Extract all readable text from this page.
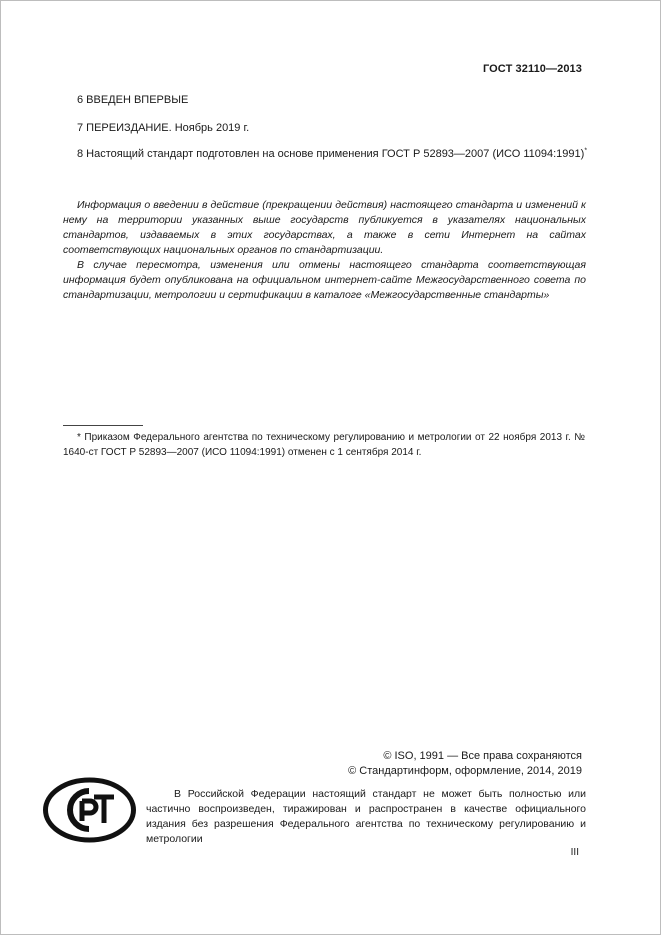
ГОСТ 32110—2013
6 ВВЕДЕН ВПЕРВЫЕ
7 ПЕРЕИЗДАНИЕ. Ноябрь 2019 г.
8 Настоящий стандарт подготовлен на основе применения ГОСТ Р 52893—2007 (ИСО 11094:1991)*

Информация о введении в действие (прекращении действия) настоящего стандарта и изменений к нему на территории указанных выше государств публикуется в указателях национальных стандартов, издаваемых в этих государствах, а также в сети Интернет на сайтах соответствующих национальных органов по стандартизации.

В случае пересмотра, изменения или отмены настоящего стандарта соответствующая информация будет опубликована на официальном интернет-сайте Межгосударственного совета по стандартизации, метрологии и сертификации в каталоге «Межгосударственные стандарты»

* Приказом Федерального агентства по техническому регулированию и метрологии от 22 ноября 2013 г. № 1640-ст ГОСТ Р 52893—2007 (ИСО 11094:1991) отменен с 1 сентября 2014 г.

© ISO, 1991 — Все права сохраняются
© Стандартинформ, оформление, 2014, 2019

В Российской Федерации настоящий стандарт не может быть полностью или частично воспроизведен, тиражирован и распространен в качестве официального издания без разрешения Федерального агентства по техническому регулированию и метрологии

III
